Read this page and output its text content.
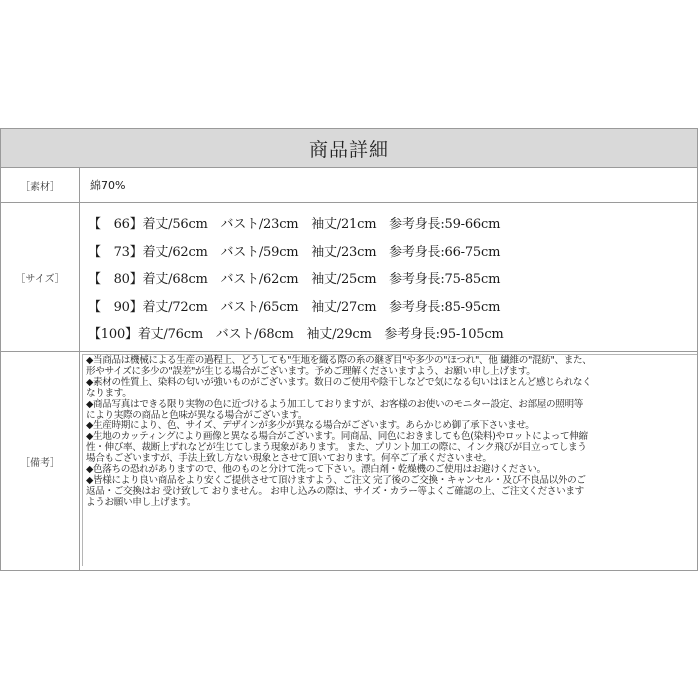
商品詳細
［素材］	綿70%
［サイズ］
【　66】着丈/56cm　バスト/23cm　袖丈/21cm　参考身長:59-66cm
【　73】着丈/62cm　バスト/59cm　袖丈/23cm　参考身長:66-75cm
【　80】着丈/68cm　バスト/62cm　袖丈/25cm　参考身長:75-85cm
【　90】着丈/72cm　バスト/65cm　袖丈/27cm　参考身長:85-95cm
【100】着丈/76cm　バスト/68cm　袖丈/29cm　参考身長:95-105cm
［備考］
◆当商品は機械による生産の過程上、どうしても"生地を織る際の糸の継ぎ目"や多少の"ほつれ"、他 繊維の"混紡"、また、
形やサイズに多少の"誤差"が生じる場合がございます。予めご理解くださいますよう、お願い申し上げます。
◆素材の性質上、染料の匂いが強いものがございます。数日のご使用や陰干しなどで気になる匂いはほとんど感じられなく
なります。
◆商品写真はできる限り実物の色に近づけるよう加工しておりますが、お客様のお使いのモニター設定、お部屋の照明等
により実際の商品と色味が異なる場合がございます。
◆生産時期により、色、サイズ、デザインが多少が異なる場合がございます。あらかじめ御了承下さいませ。
◆生地のカッティングにより画像と異なる場合がございます。同商品、同色におきましても色(染料)やロットによって伸縮
性・伸び率、裁断上ずれなどが生じてしまう現象があります。 また、プリント加工の際に、インク飛びが目立ってしまう
場合もございますが、手法上致し方ない現象とさせて頂いております。何卒ご了承くださいませ。
◆色落ちの恐れがありますので、他のものと分けて洗って下さい。漂白剤・乾燥機のご使用はお避けください。
◆皆様により良い商品をより安くご提供させて頂けますよう、ご注文 完了後のご交換・キャンセル・及び不良品以外のご
返品・ご交換はお 受け致して おりません。 お申し込みの際は、サイズ・カラー等よくご確認の上、ご注文くださいます
ようお願い申し上げます。
